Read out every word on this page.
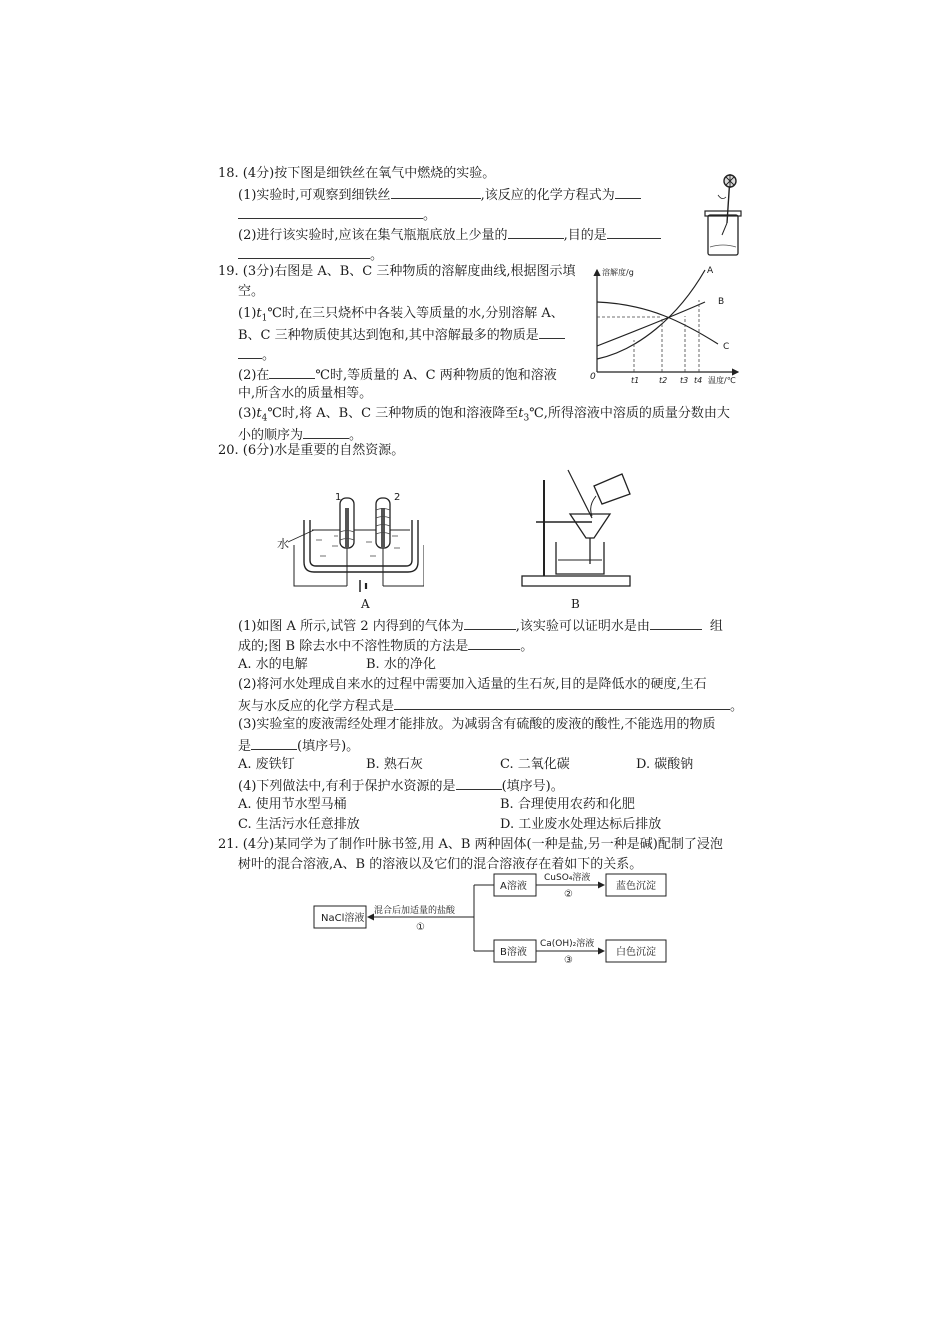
18. (4分)按下图是细铁丝在氧气中燃烧的实验。
(1)实验时,可观察到细铁丝	,该反应的化学方程式为
。
(2)进行该实验时,应该在集气瓶瓶底放上少量的	,目的是
。
19. (3分)右图是 A、B、C 三种物质的溶解度曲线,根据图示填
空。
$(1)t_1℃$时,在三只烧杯中各装入等质量的水,分别溶解 A、
B、C 三种物质使其达到饱和,其中溶解最多的物质是
。
(2)在	℃时,等质量的 A、C 两种物质的饱和溶液
中,所含水的质量相等。
$(3)t_4℃$时,将 A、B、C 三种物质的饱和溶液降至$t_3℃$,所得溶液中溶质的质量分数由大
小的顺序为	。
溶解度/g
温度/℃
0
A
B
C
t1 t2 t3 t4
20. (6分)水是重要的自然资源。
1	2
水
A	B
(1)如图 A 所示,试管 2 内得到的气体为	,该实验可以证明水是由	组
成的;图 B 除去水中不溶性物质的方法是	。
A. 水的电解	B. 水的净化
(2)将河水处理成自来水的过程中需要加入适量的生石灰,目的是降低水的硬度,生石
灰与水反应的化学方程式是	。
(3)实验室的废液需经处理才能排放。为减弱含有硫酸的废液的酸性,不能选用的物质
是	(填序号)。
A. 废铁钉	B. 熟石灰	C. 二氧化碳	D. 碳酸钠
(4)下列做法中,有利于保护水资源的是	(填序号)。
A. 使用节水型马桶	B. 合理使用农药和化肥
C. 生活污水任意排放	D. 工业废水处理达标后排放
21. (4分)某同学为了制作叶脉书签,用 A、B 两种固体(一种是盐,另一种是碱)配制了浸泡
树叶的混合溶液,A、B 的溶液以及它们的混合溶液存在着如下的关系。
NaCl溶液
混合后加适量的盐酸
①
A溶液
CuSO₄溶液
②
蓝色沉淀
B溶液
Ca(OH)₂溶液
③
白色沉淀
